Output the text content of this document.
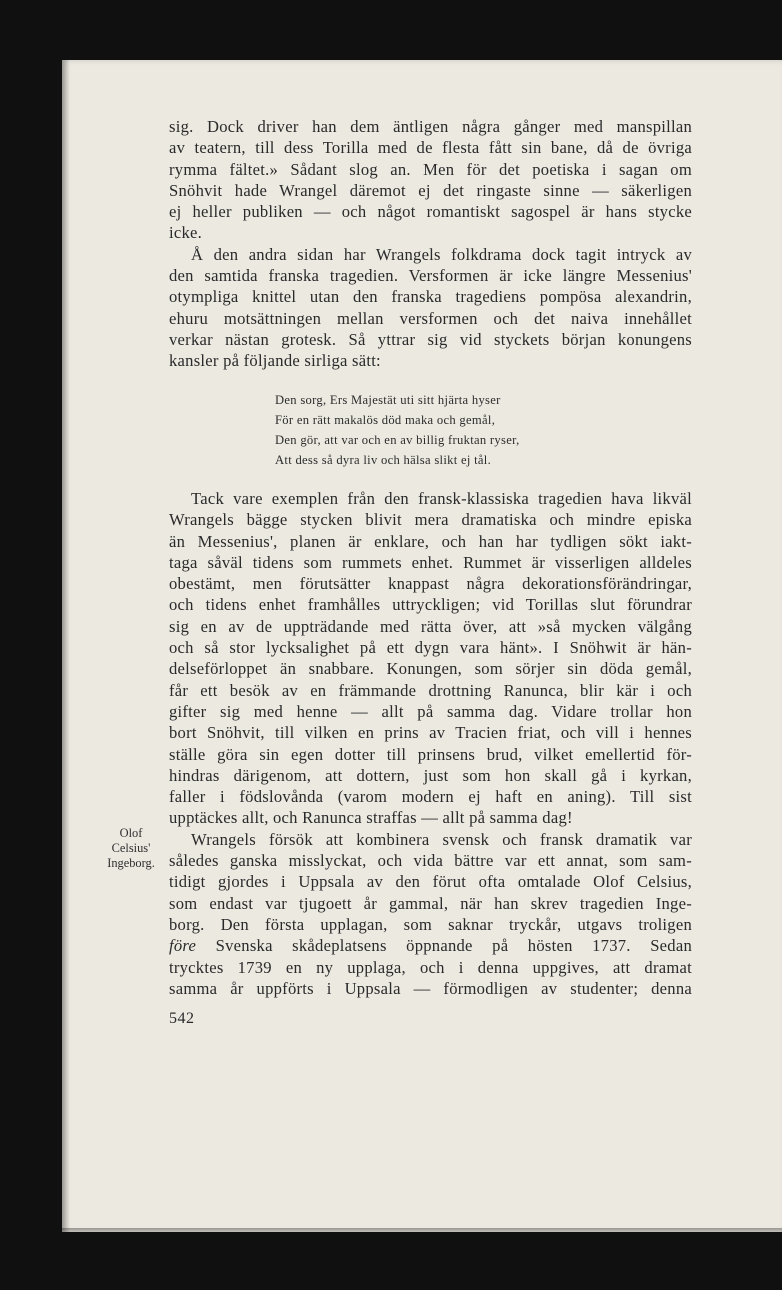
sig. Dock driver han dem äntligen några gånger med manspillan
av teatern, till dess Torilla med de flesta fått sin bane, då de övriga
rymma fältet.» Sådant slog an. Men för det poetiska i sagan om
Snöhvit hade Wrangel däremot ej det ringaste sinne — säkerligen
ej heller publiken — och något romantiskt sagospel är hans stycke
icke.
Å den andra sidan har Wrangels folkdrama dock tagit intryck av
den samtida franska tragedien. Versformen är icke längre Messenius'
otympliga knittel utan den franska tragediens pompösa alexandrin,
ehuru motsättningen mellan versformen och det naiva innehållet
verkar nästan grotesk. Så yttrar sig vid styckets början konungens
kansler på följande sirliga sätt:
Den sorg, Ers Majestät uti sitt hjärta hyser
För en rätt makalös död maka och gemål,
Den gör, att var och en av billig fruktan ryser,
Att dess så dyra liv och hälsa slikt ej tål.
Tack vare exemplen från den fransk-klassiska tragedien hava likväl
Wrangels bägge stycken blivit mera dramatiska och mindre episka
än Messenius', planen är enklare, och han har tydligen sökt iakt-
taga såväl tidens som rummets enhet. Rummet är visserligen alldeles
obestämt, men förutsätter knappast några dekorationsförändringar,
och tidens enhet framhålles uttryckligen; vid Torillas slut förundrar
sig en av de uppträdande med rätta över, att »så mycken välgång
och så stor lycksalighet på ett dygn vara hänt». I Snöhwit är hän-
delseförloppet än snabbare. Konungen, som sörjer sin döda gemål,
får ett besök av en främmande drottning Ranunca, blir kär i och
gifter sig med henne — allt på samma dag. Vidare trollar hon
bort Snöhvit, till vilken en prins av Tracien friat, och vill i hennes
ställe göra sin egen dotter till prinsens brud, vilket emellertid för-
hindras därigenom, att dottern, just som hon skall gå i kyrkan,
faller i födslovånda (varom modern ej haft en aning). Till sist
upptäckes allt, och Ranunca straffas — allt på samma dag!
Wrangels försök att kombinera svensk och fransk dramatik var
således ganska misslyckat, och vida bättre var ett annat, som sam-
tidigt gjordes i Uppsala av den förut ofta omtalade Olof Celsius,
som endast var tjugoett år gammal, när han skrev tragedien Inge-
borg. Den första upplagan, som saknar tryckår, utgavs troligen
före Svenska skådeplatsens öppnande på hösten 1737. Sedan
trycktes 1739 en ny upplaga, och i denna uppgives, att dramat
samma år uppförts i Uppsala — förmodligen av studenter; denna
Olof
Celsius'
Ingeborg.
542
